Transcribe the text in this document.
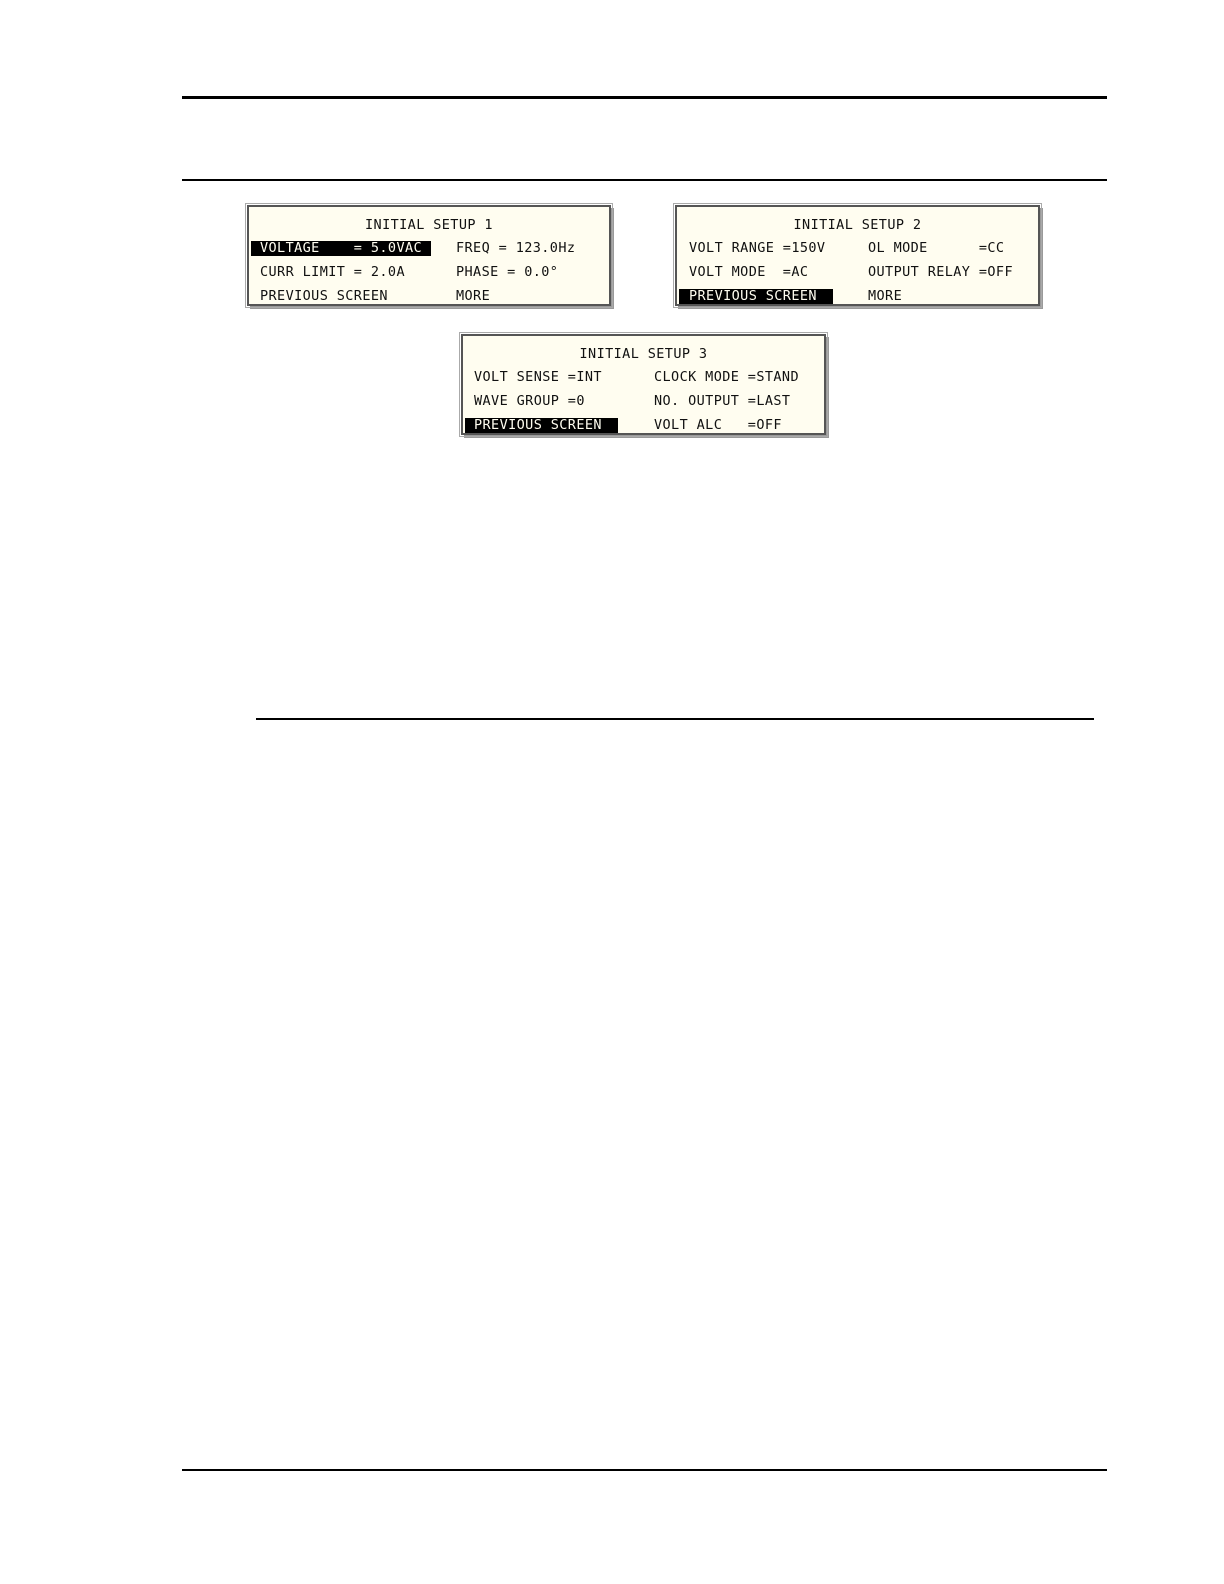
INITIAL SETUP 1
VOLTAGE    = 5.0VAC	FREQ = 123.0Hz
CURR LIMIT = 2.0A	PHASE = 0.0°
PREVIOUS SCREEN	MORE
INITIAL SETUP 2
VOLT RANGE =150V	OL MODE      =CC
VOLT MODE  =AC	OUTPUT RELAY =OFF
PREVIOUS SCREEN	MORE
INITIAL SETUP 3
VOLT SENSE =INT	CLOCK MODE =STAND
WAVE GROUP =0	NO. OUTPUT =LAST
PREVIOUS SCREEN	VOLT ALC   =OFF
